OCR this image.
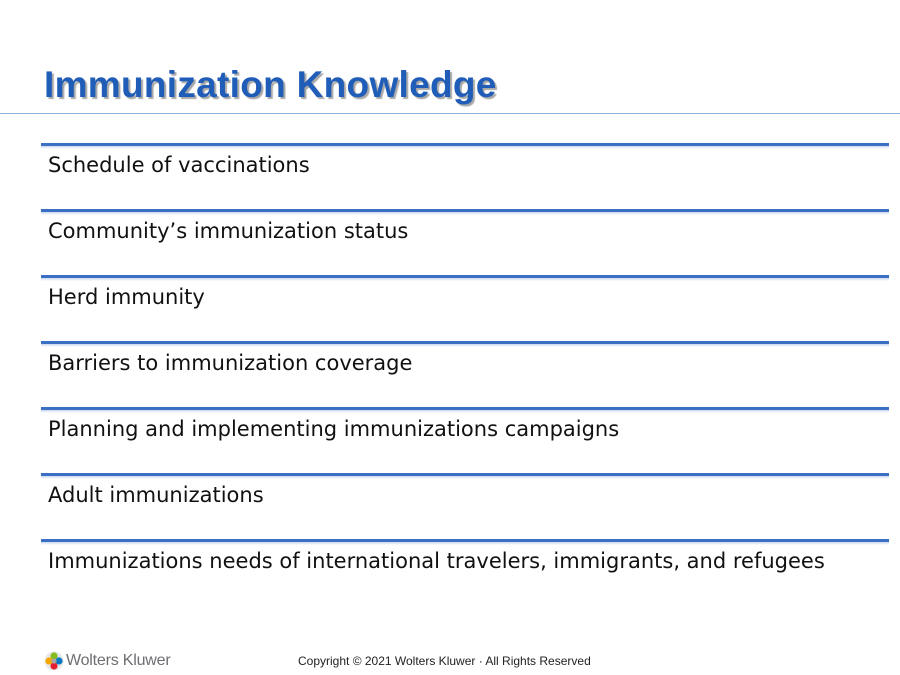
Immunization Knowledge
Schedule of vaccinations
Community’s immunization status
Herd immunity
Barriers to immunization coverage
Planning and implementing immunizations campaigns
Adult immunizations
Immunizations needs of international travelers, immigrants, and refugees
Wolters Kluwer	Copyright © 2021 Wolters Kluwer · All Rights Reserved
